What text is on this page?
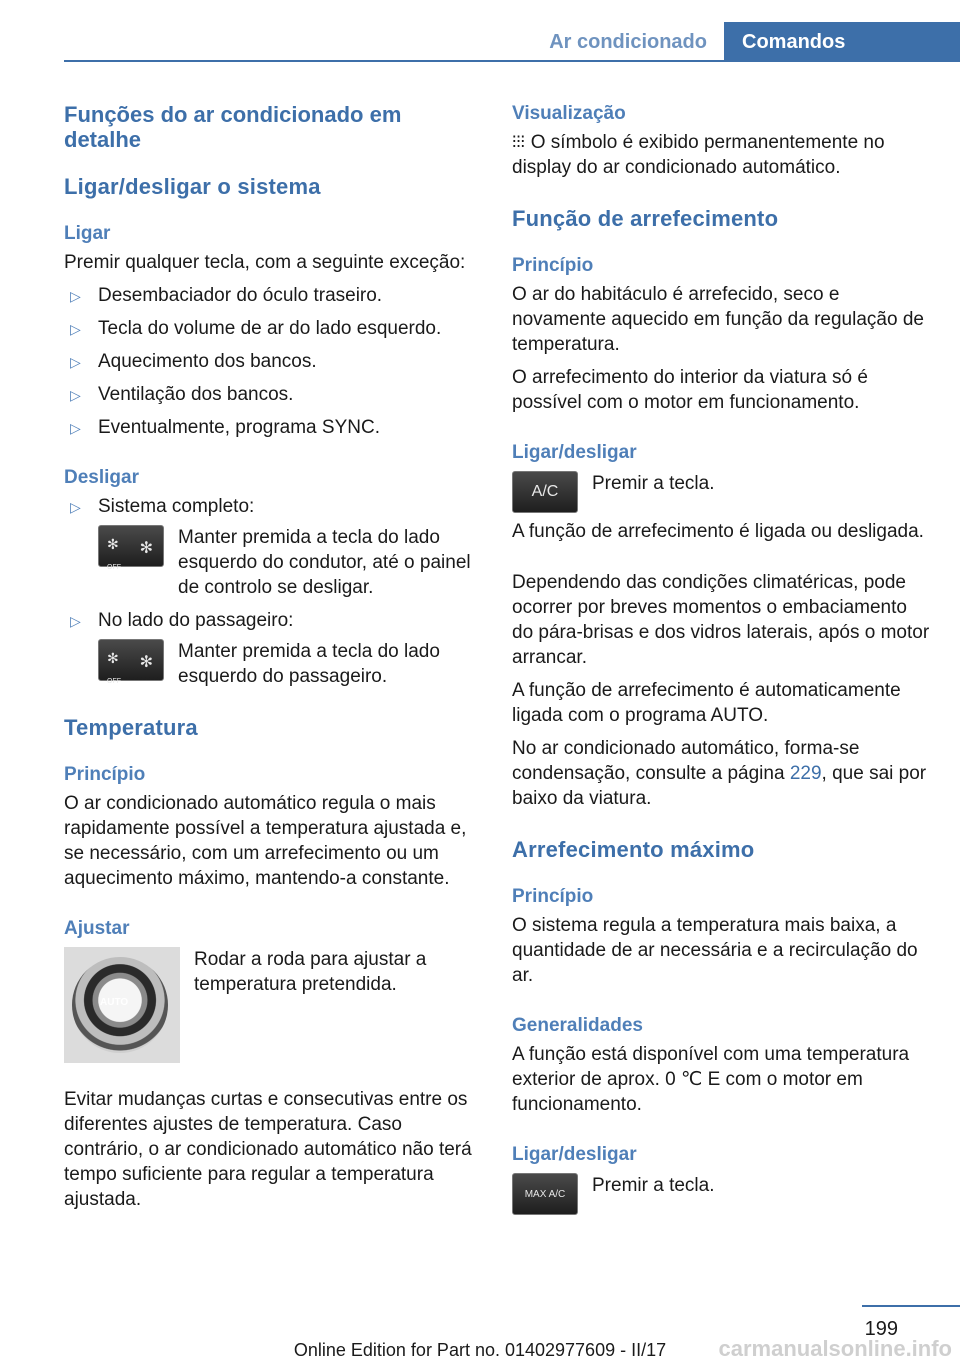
Ar condicionado	Comandos
Funções do ar condicionado em detalhe
Ligar/desligar o sistema
Ligar

Premir qualquer tecla, com a seguinte exceção:

▷ Desembaciador do óculo traseiro.
▷ Tecla do volume de ar do lado esquerdo.
▷ Aquecimento dos bancos.
▷ Ventilação dos bancos.
▷ Eventualmente, programa SYNC.
Desligar
▷ Sistema completo:
✻
OFF
✻
Manter premida a tecla do lado esquerdo do condutor, até o painel de controlo se desligar.
▷ No lado do passageiro:
✻
OFF
✻
Manter premida a tecla do lado esquerdo do passageiro.
Temperatura
Princípio

O ar condicionado automático regula o mais rapidamente possível a temperatura ajustada e, se necessário, com um arrefecimento ou um aquecimento máximo, mantendo-a constante.

Ajustar
AUTO

Rodar a roda para ajustar a temperatura pretendida.

Evitar mudanças curtas e consecutivas entre os diferentes ajustes de temperatura. Caso contrário, o ar condicionado automático não terá tempo suficiente para regular a temperatura ajustada.

Visualização

⫶⫶⫶ O símbolo é exibido permanentemente no display do ar condicionado automático.

Função de arrefecimento
Princípio

O ar do habitáculo é arrefecido, seco e novamente aquecido em função da regulação de temperatura.

O arrefecimento do interior da viatura só é possível com o motor em funcionamento.

Ligar/desligar
A/C	Premir a tecla.

A função de arrefecimento é ligada ou desligada.

Dependendo das condições climatéricas, pode ocorrer por breves momentos o embaciamento do pára-brisas e dos vidros laterais, após o motor arrancar.

A função de arrefecimento é automaticamente ligada com o programa AUTO.

No ar condicionado automático, forma-se condensação, consulte a página 229, que sai por baixo da viatura.

Arrefecimento máximo
Princípio

O sistema regula a temperatura mais baixa, a quantidade de ar necessária e a recirculação do ar.

Generalidades

A função está disponível com uma temperatura exterior de aprox. 0 ℃ E com o motor em funcionamento.

Ligar/desligar
MAX A/C	Premir a tecla.

199
Online Edition for Part no. 01402977609 - II/17	carmanualsonline.info
